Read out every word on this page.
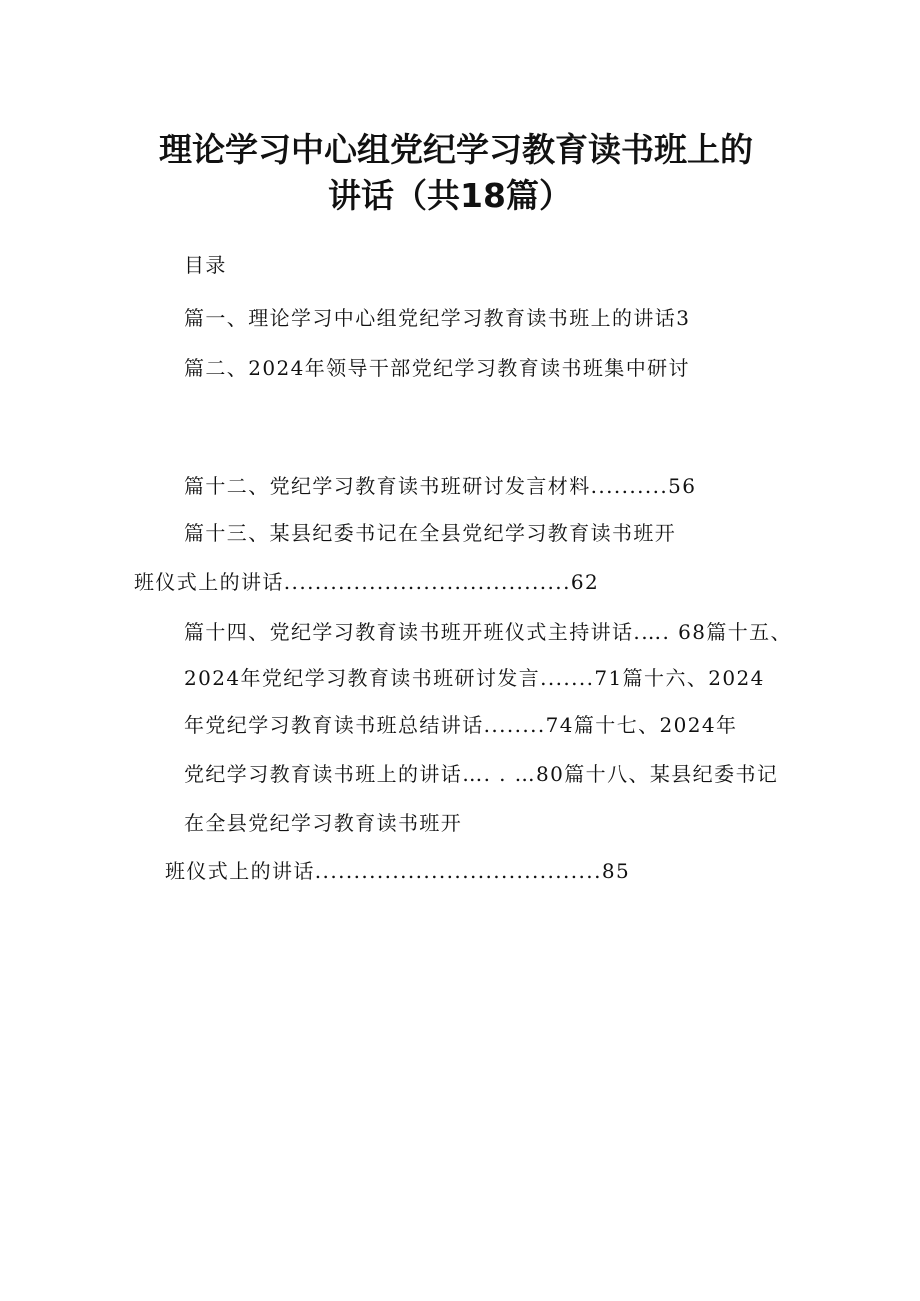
理论学习中心组党纪学习教育读书班上的
讲话（共18篇）
目录
篇一、理论学习中心组党纪学习教育读书班上的讲话3
篇二、2024年领导干部党纪学习教育读书班集中研讨
篇十二、党纪学习教育读书班研讨发言材料..........56
篇十三、某县纪委书记在全县党纪学习教育读书班开
班仪式上的讲话.....................................62
篇十四、党纪学习教育读书班开班仪式主持讲话.…. 68篇十五、
2024年党纪学习教育读书班研讨发言.......71篇十六、2024
年党纪学习教育读书班总结讲话........74篇十七、2024年
党纪学习教育读书班上的讲话…. . …80篇十八、某县纪委书记
在全县党纪学习教育读书班开
班仪式上的讲话.....................................85
